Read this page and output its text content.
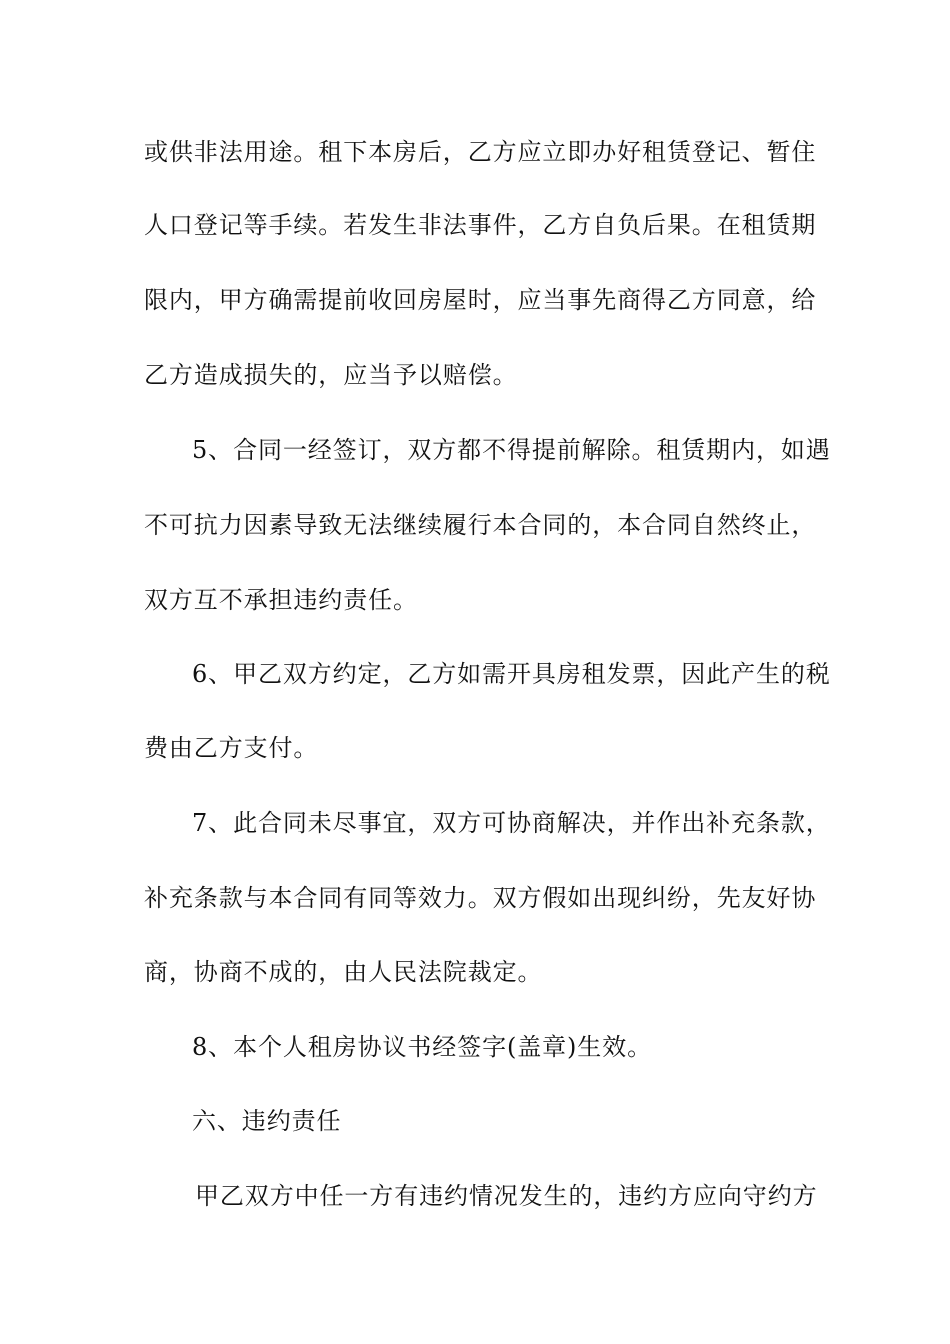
或供非法用途。租下本房后，乙方应立即办好租赁登记、暂住
人口登记等手续。若发生非法事件，乙方自负后果。在租赁期
限内，甲方确需提前收回房屋时，应当事先商得乙方同意，给
乙方造成损失的，应当予以赔偿。
5、合同一经签订，双方都不得提前解除。租赁期内，如遇
不可抗力因素导致无法继续履行本合同的，本合同自然终止，
双方互不承担违约责任。
6、甲乙双方约定，乙方如需开具房租发票，因此产生的税
费由乙方支付。
7、此合同未尽事宜，双方可协商解决，并作出补充条款，
补充条款与本合同有同等效力。双方假如出现纠纷，先友好协
商，协商不成的，由人民法院裁定。
8、本个人租房协议书经签字(盖章)生效。
六、违约责任
甲乙双方中任一方有违约情况发生的，违约方应向守约方
